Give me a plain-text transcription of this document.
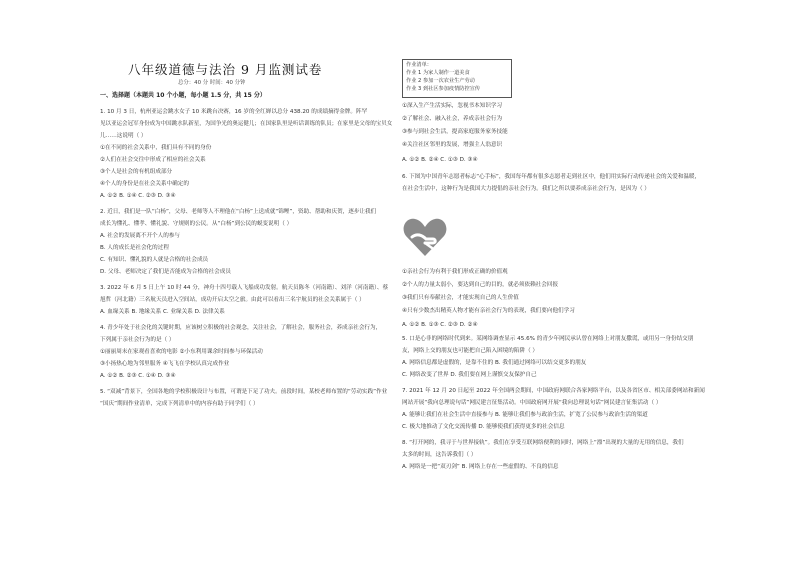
八年级道德与法治 9 月监测试卷
总分：40 分 时间：40 分钟
一、选择题（本题共 10 个小题，每小题 1.5 分，共 15 分）
1. 10 月 3 日，杭州亚运会跳水女子 10 米跳台决赛，16 岁的全红婵以总分 438.20 的成绩摘得金牌。阵罕
见以亚运会冠军身份成为中国跳水队新星，为国争光的奥运健儿；在国家队里是听话训练的队员；在家里是父母的宝贝女
儿……这说明（ ）
①在不同的社会关系中，我们具有不同的身份
②人们在社会交往中形成了相应的社会关系
③个人是社会的有机组成部分
④个人的身份是在社会关系中确定的
A. ①② B. ①④ C. ②③ D. ③④
2. 近日，我们是一队“白杨”，父母、老师等人不理他在“白杨”上送成就“锦鲤”，资助、帮助和庆贺，逐步让我们
成长为懂礼、懂孝、懂礼貌、守规则的公民。从“白杨”到公民的蜕变说明（ ）
A. 社会的发展离不开个人的参与
B. 人的成长是社会化的过程
C. 有知识、懂礼貌的人就是合格的社会成员
D. 父母、老师决定了我们是否能成为合格的社会成员
3. 2022 年 6 月 5 日上午 10 时 44 分，神舟十四号载人飞船成功发射。航天员陈冬（河南籍）、刘洋（河南籍）、蔡
旭哲（河北籍）三名航天员进入空间站，成功开启太空之旅。由此可以看出三名宇航员的社会关系属于（ ）
A. 血缘关系 B. 地缘关系 C. 业缘关系 D. 法律关系
4. 青少年处于社会化的关键时期，应该树立积极的社会观念，关注社会，了解社会，服务社会，养成亲社会行为，
下列属于亲社会行为的是（ ）
①丽丽周末在家观看喜欢的电影 ②小东利用课余时间参与环保活动
③小扬热心地为邻里服务 ④飞飞在学校认真完成作业
A. ①② B. ②③ C. ①④ D. ③④
5. “双减”背景下，全国各地的学校积极设计与布置，可谓是下足了功夫。前段时间，某校老师布置的“劳动实践”作业
“国庆”期间作业清单，完成下列清单中的内容有助于同学们（ ）
作业清单：
作业 1 为家人制作一道美食
作业 2 参加一次农业生产劳动
作业 3 到社区参加疫情防控宣传
①深入生产生活实际，忽视书本知识学习
②了解社会、融入社会，养成亲社会行为
③参与到社会生活，提高家庭服务家务技能
④关注社区邻里的发展，增强主人翁意识
A. ①② B. ②④ C. ①③ D. ③④
6. 下图为中国青年志愿者标志“心手标”，我国每年都有很多志愿者走到社区中，他们用实际行动传递社会的关爱和温暖，
在社会生活中，这种行为是我国大力提倡的亲社会行为。我们之所以要养成亲社会行为，是因为（ ）
①亲社会行为有利于我们形成正确的价值观
②个人的力量太弱小，要达到自己的目的，就必须依赖社会回报
③我们只有奉献社会，才能实现自己的人生价值
④只有少数杰出精英人物才能有亲社会行为的表现，我们要向他们学习
A. ①② B. ①③ C. ②③ D. ②④
5. 口是心非的网络时代到来。某网络调查显示 45.6% 的青少年网民承认曾在网络上对朋友撒谎，或用另一身份结交朋
友，网络上交的朋友也可能把自己陷入困境的陷阱（ ）
A. 网络信息都是虚假的，是靠不住的 B. 我们通过网络可以结交更多的朋友
C. 网络改变了世界 D. 我们要在网上谨慎交友保护自己
7. 2021 年 12 月 20 日起至 2022 年全国两会期间，中国政府网联合各家网络平台，以及各省区市、相关部委网站和新闻
网站开展“我向总理说句话”网民建言征集活动。中国政府网开展“我向总理说句话”网民建言征集活动（ ）
A. 能够让我们在社会生活中直接参与 B. 能够让我们参与政治生活，扩宽了公民参与政治生活的渠道
C. 极大地推动了文化交流传播 D. 能够使我们获得更多的社会信息
8. “打开网的，我寻于与世界接轨”。我们在享受互联网络便利的同时，网络上“漂”出现的大量的无用的信息，我们
太多的时间，这告诉我们（ ）
A. 网络是一把“双刃剑” B. 网络上存在一些虚假的、不良的信息
